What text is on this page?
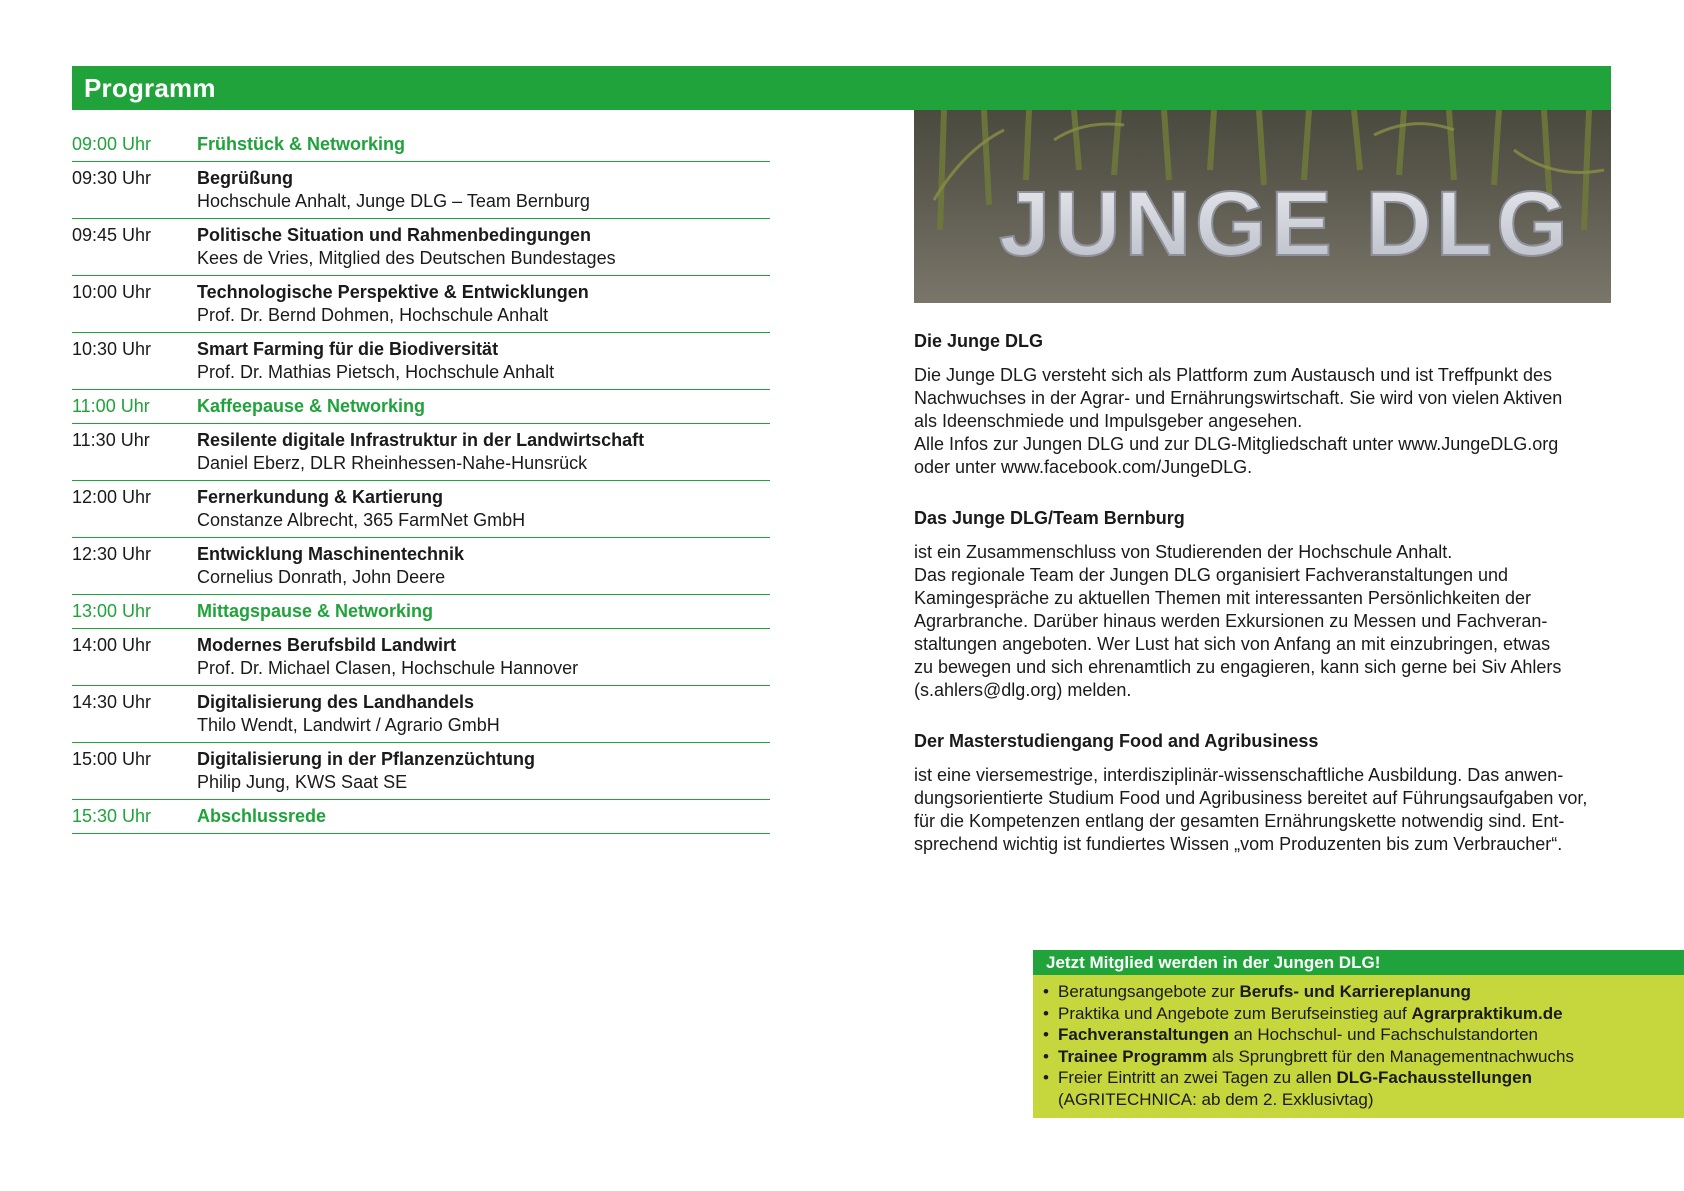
Programm
09:00 Uhr	Frühstück & Networking
09:30 Uhr	Begrüßung
Hochschule Anhalt, Junge DLG – Team Bernburg
09:45 Uhr	Politische Situation und Rahmenbedingungen
Kees de Vries, Mitglied des Deutschen Bundestages
10:00 Uhr	Technologische Perspektive & Entwicklungen
Prof. Dr. Bernd Dohmen, Hochschule Anhalt
10:30 Uhr	Smart Farming für die Biodiversität
Prof. Dr. Mathias Pietsch, Hochschule Anhalt
11:00 Uhr	Kaffeepause & Networking
11:30 Uhr	Resilente digitale Infrastruktur in der Landwirtschaft
Daniel Eberz, DLR Rheinhessen-Nahe-Hunsrück
12:00 Uhr	Fernerkundung & Kartierung
Constanze Albrecht, 365 FarmNet GmbH
12:30 Uhr	Entwicklung Maschinentechnik
Cornelius Donrath, John Deere
13:00 Uhr	Mittagspause & Networking
14:00 Uhr	Modernes Berufsbild Landwirt
Prof. Dr. Michael Clasen, Hochschule Hannover
14:30 Uhr	Digitalisierung des Landhandels
Thilo Wendt, Landwirt / Agrario GmbH
15:00 Uhr	Digitalisierung in der Pflanzenzüchtung
Philip Jung, KWS Saat SE
15:30 Uhr	Abschlussrede
JUNGE DLG
Die Junge DLG

Die Junge DLG versteht sich als Plattform zum Austausch und ist Treffpunkt des
Nachwuchses in der Agrar- und Ernährungswirtschaft. Sie wird von vielen Aktiven
als Ideenschmiede und Impulsgeber angesehen.
Alle Infos zur Jungen DLG und zur DLG-Mitgliedschaft unter www.JungeDLG.org
oder unter www.facebook.com/JungeDLG.

Das Junge DLG/Team Bernburg

ist ein Zusammenschluss von Studierenden der Hochschule Anhalt.
Das regionale Team der Jungen DLG organisiert Fachveranstaltungen und
Kamingespräche zu aktuellen Themen mit interessanten Persönlichkeiten der
Agrarbranche. Darüber hinaus werden Exkursionen zu Messen und Fachveran-
staltungen angeboten. Wer Lust hat sich von Anfang an mit einzubringen, etwas
zu bewegen und sich ehrenamtlich zu engagieren, kann sich gerne bei Siv Ahlers
(s.ahlers@dlg.org) melden.

Der Masterstudiengang Food and Agribusiness

ist eine viersemestrige, interdisziplinär-wissenschaftliche Ausbildung. Das anwen-
dungsorientierte Studium Food und Agribusiness bereitet auf Führungsaufgaben vor,
für die Kompetenzen entlang der gesamten Ernährungskette notwendig sind. Ent-
sprechend wichtig ist fundiertes Wissen „vom Produzenten bis zum Verbraucher“.

Jetzt Mitglied werden in der Jungen DLG!
• Beratungsangebote zur Berufs- und Karriereplanung
• Praktika und Angebote zum Berufseinstieg auf Agrarpraktikum.de
• Fachveranstaltungen an Hochschul- und Fachschulstandorten
• Trainee Programm als Sprungbrett für den Managementnachwuchs
• Freier Eintritt an zwei Tagen zu allen DLG-Fachausstellungen
(AGRITECHNICA: ab dem 2. Exklusivtag)
